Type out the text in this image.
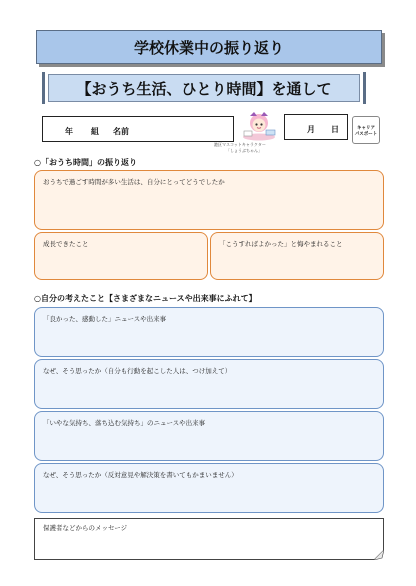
学校休業中の振り返り
【おうち生活、ひとり時間】を通して
年 組 名前
港区マスコットキャラクター
「しょうぶちゃん」
月 日	キャリア
パスポート
○「おうち時間」の振り返り
おうちで過ごす時間が多い生活は、自分にとってどうでしたか
成長できたこと	「こうすればよかった」と悔やまれること
○自分の考えたこと【さまざまなニュースや出来事にふれて】
「良かった、感動した」ニュースや出来事
なぜ、そう思ったか（自分も行動を起こした人は、つけ加えて）
「いやな気持ち、落ち込む気持ち」のニュースや出来事
なぜ、そう思ったか（反対意見や解決策を書いてもかまいません）
保護者などからのメッセージ
